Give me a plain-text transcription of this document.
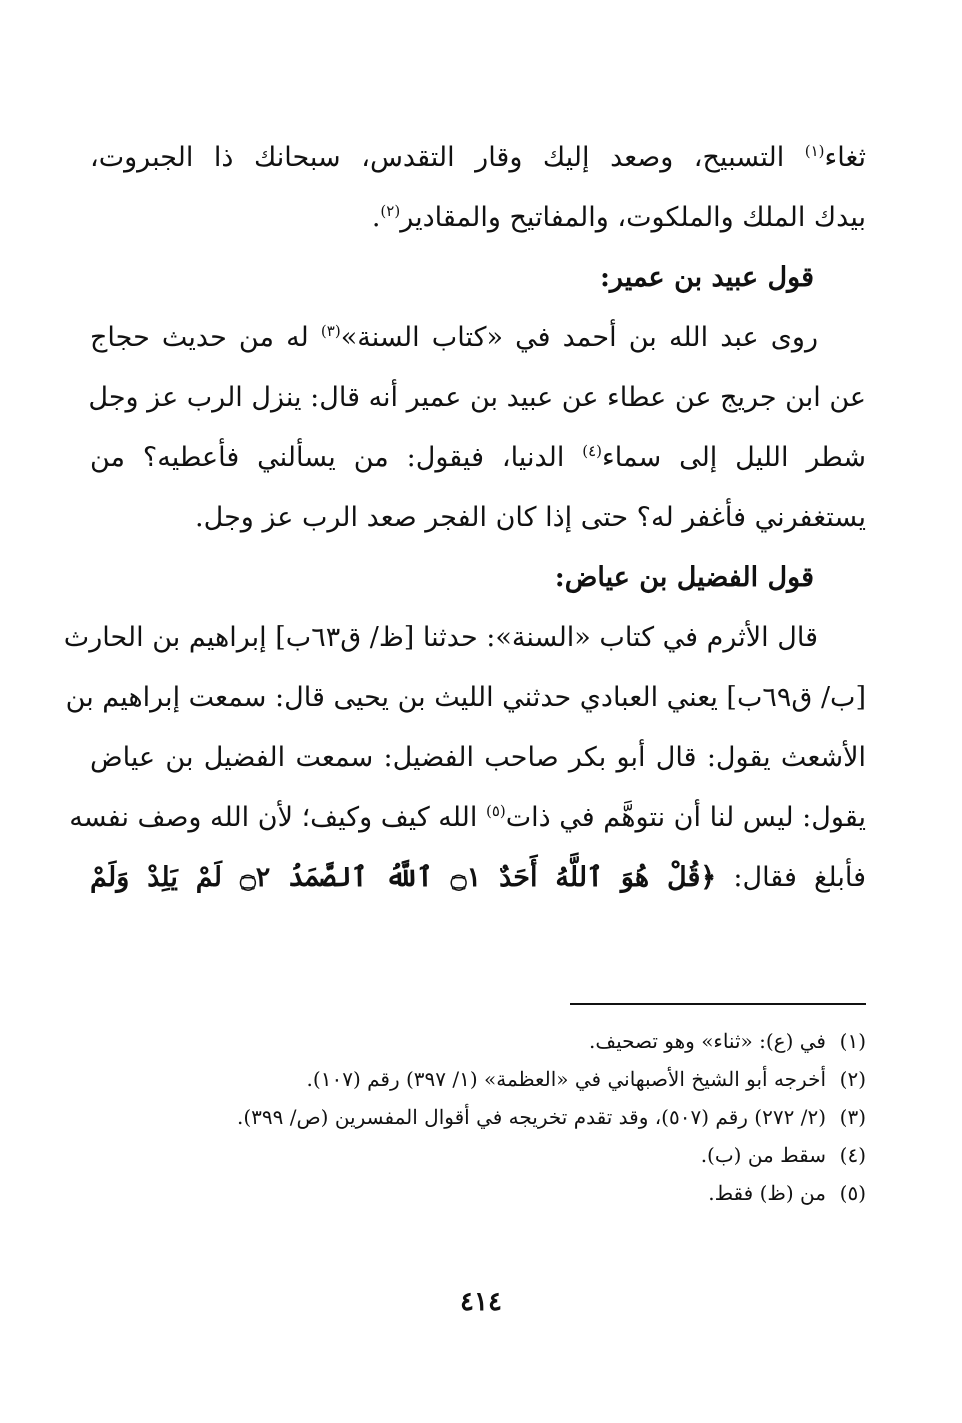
ثغاء$^{(١)}$ التسبيح، وصعد إليك وقار التقدس، سبحانك ذا الجبروت،
بيدك الملك والملكوت، والمفاتيح والمقادير$^{(٢)}$.
قول عبيد بن عمير:
روى عبد الله بن أحمد في «كتاب السنة»$^{(٣)}$ له من حديث حجاج
عن ابن جريج عن عطاء عن عبيد بن عمير أنه قال: ينزل الرب عز وجل
شطر الليل إلى سماء$^{(٤)}$ الدنيا، فيقول: من يسألني فأعطيه؟ من
يستغفرني فأغفر له؟ حتى إذا كان الفجر صعد الرب عز وجل.
قول الفضيل بن عياض:
قال الأثرم في كتاب «السنة»: حدثنا [ظ/ ق٦٣ب] إبراهيم بن الحارث
[ب/ ق٦٩ب] يعني العبادي حدثني الليث بن يحيى قال: سمعت إبراهيم بن
الأشعث يقول: قال أبو بكر صاحب الفضيل: سمعت الفضيل بن عياض
يقول: ليس لنا أن نتوهَّم في ذات$^{(٥)}$ الله كيف وكيف؛ لأن الله وصف نفسه
فأبلغ فقال: ﴿قُلْ هُوَ ٱللَّهُ أَحَدٌ ۝١ ٱللَّهُ ٱلصَّمَدُ ۝٢ لَمْ يَلِدْ وَلَمْ
(١)في (ع): «ثناء» وهو تصحيف.
(٢)أخرجه أبو الشيخ الأصبهاني في «العظمة» (١/ ٣٩٧) رقم (١٠٧).
(٣)(٢/ ٢٧٢) رقم (٥٠٧)، وقد تقدم تخريجه في أقوال المفسرين (ص/ ٣٩٩).
(٤)سقط من (ب).
(٥)من (ظ) فقط.
٤١٤
